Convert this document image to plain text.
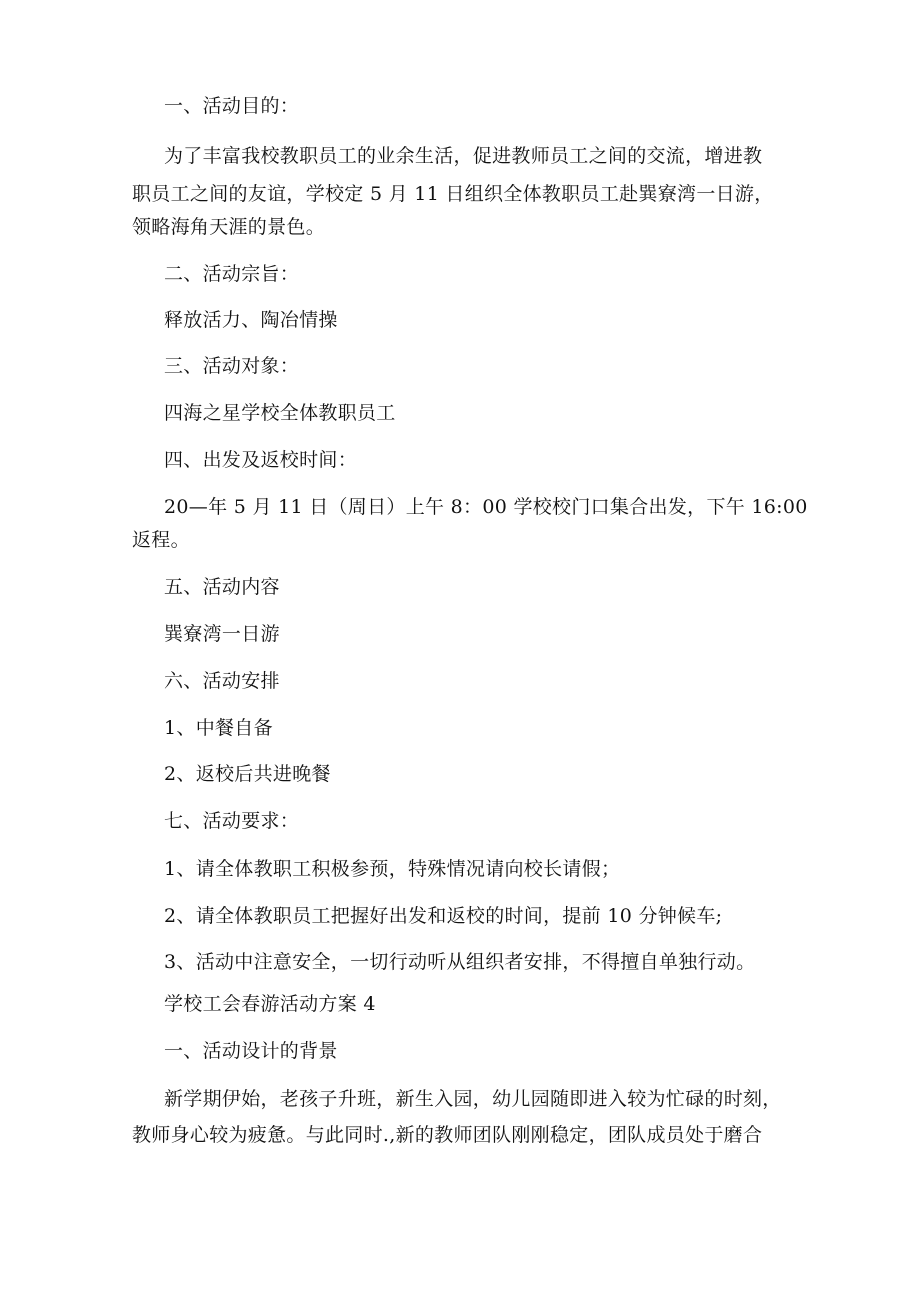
一、活动目的：
为了丰富我校教职员工的业余生活，促进教师员工之间的交流，增进教
职员工之间的友谊，学校定 5 月 11 日组织全体教职员工赴巽寮湾一日游，
领略海角天涯的景色。
二、活动宗旨：
释放活力、陶冶情操
三、活动对象：
四海之星学校全体教职员工
四、出发及返校时间：
20—年 5 月 11 日（周日）上午 8：00 学校校门口集合出发，下午 16:00
返程。
五、活动内容
巽寮湾一日游
六、活动安排
1、中餐自备
2、返校后共进晚餐
七、活动要求：
1、请全体教职工积极参预，特殊情况请向校长请假；
2、请全体教职员工把握好出发和返校的时间，提前 10 分钟候车;
3、活动中注意安全，一切行动听从组织者安排，不得擅自单独行动。
学校工会春游活动方案 4
一、活动设计的背景
新学期伊始，老孩子升班，新生入园，幼儿园随即进入较为忙碌的时刻，
教师身心较为疲惫。与此同时.,新的教师团队刚刚稳定，团队成员处于磨合
